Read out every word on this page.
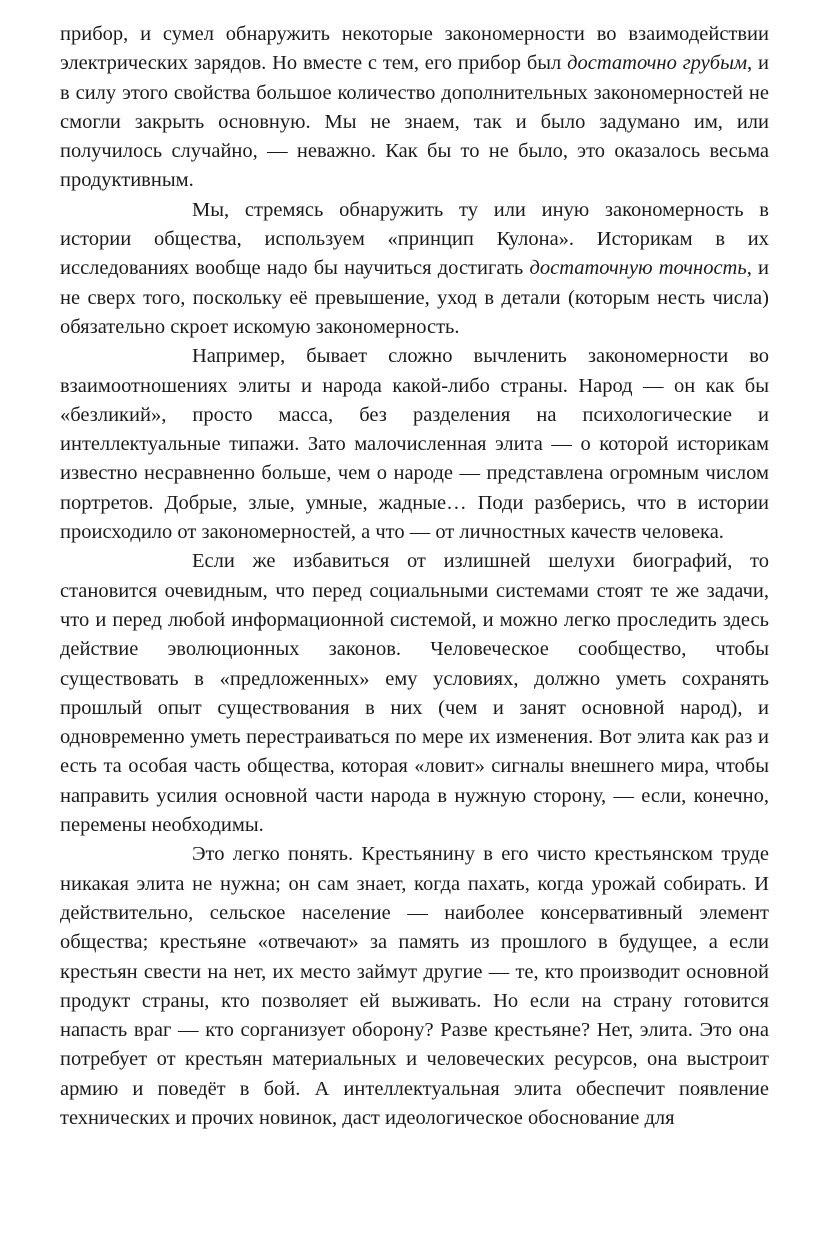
прибор, и сумел обнаружить некоторые закономерности во взаимодействии электрических зарядов. Но вместе с тем, его прибор был достаточно грубым, и в силу этого свойства большое количество дополнительных закономерностей не смогли закрыть основную. Мы не знаем, так и было задумано им, или получилось случайно, — неважно. Как бы то не было, это оказалось весьма продуктивным.

Мы, стремясь обнаружить ту или иную закономерность в истории общества, используем «принцип Кулона». Историкам в их исследованиях вообще надо бы научиться достигать достаточную точность, и не сверх того, поскольку её превышение, уход в детали (которым несть числа) обязательно скроет искомую закономерность.

Например, бывает сложно вычленить закономерности во взаимоотношениях элиты и народа какой-либо страны. Народ — он как бы «безликий», просто масса, без разделения на психологические и интеллектуальные типажи. Зато малочисленная элита — о которой историкам известно несравненно больше, чем о народе — представлена огромным числом портретов. Добрые, злые, умные, жадные… Поди разберись, что в истории происходило от закономерностей, а что — от личностных качеств человека.

Если же избавиться от излишней шелухи биографий, то становится очевидным, что перед социальными системами стоят те же задачи, что и перед любой информационной системой, и можно легко проследить здесь действие эволюционных законов. Человеческое сообщество, чтобы существовать в «предложенных» ему условиях, должно уметь сохранять прошлый опыт существования в них (чем и занят основной народ), и одновременно уметь перестраиваться по мере их изменения. Вот элита как раз и есть та особая часть общества, которая «ловит» сигналы внешнего мира, чтобы направить усилия основной части народа в нужную сторону, — если, конечно, перемены необходимы.

Это легко понять. Крестьянину в его чисто крестьянском труде никакая элита не нужна; он сам знает, когда пахать, когда урожай собирать. И действительно, сельское население — наиболее консервативный элемент общества; крестьяне «отвечают» за память из прошлого в будущее, а если крестьян свести на нет, их место займут другие — те, кто производит основной продукт страны, кто позволяет ей выживать. Но если на страну готовится напасть враг — кто сорганизует оборону? Разве крестьяне? Нет, элита. Это она потребует от крестьян материальных и человеческих ресурсов, она выстроит армию и поведёт в бой. А интеллектуальная элита обеспечит появление технических и прочих новинок, даст идеологическое обоснование для
